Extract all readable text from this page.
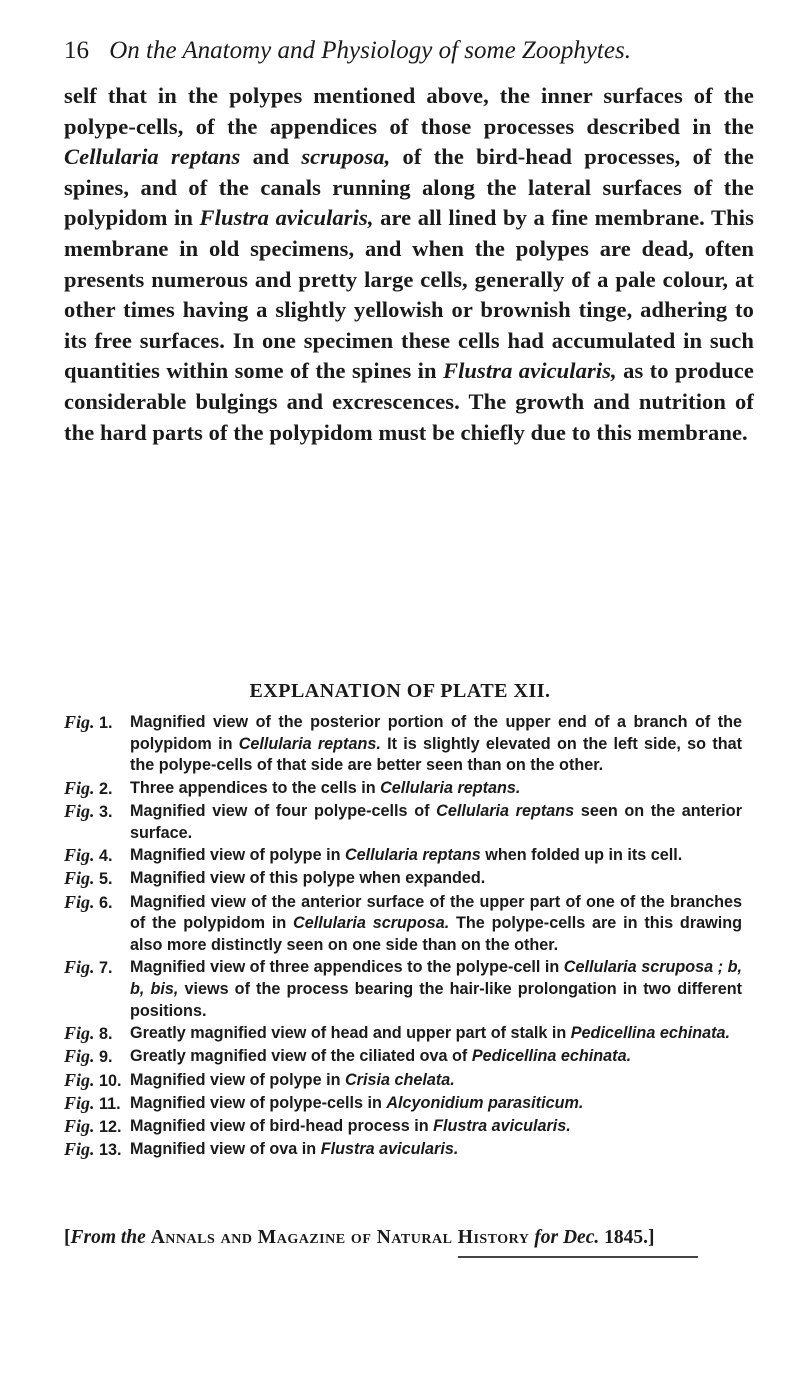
16 On the Anatomy and Physiology of some Zoophytes.
self that in the polypes mentioned above, the inner surfaces of the polype-cells, of the appendices of those processes described in the Cellularia reptans and scruposa, of the bird-head processes, of the spines, and of the canals running along the lateral surfaces of the polypidom in Flustra avicularis, are all lined by a fine membrane. This membrane in old specimens, and when the polypes are dead, often presents numerous and pretty large cells, generally of a pale colour, at other times having a slightly yellowish or brownish tinge, adhering to its free surfaces. In one specimen these cells had accumulated in such quantities within some of the spines in Flustra avicularis, as to produce considerable bulgings and excrescences. The growth and nutrition of the hard parts of the polypidom must be chiefly due to this membrane.
EXPLANATION OF PLATE XII.
Fig. 1.	Magnified view of the posterior portion of the upper end of a branch of the polypidom in Cellularia reptans. It is slightly elevated on the left side, so that the polype-cells of that side are better seen than on the other.
Fig. 2.	Three appendices to the cells in Cellularia reptans.
Fig. 3.	Magnified view of four polype-cells of Cellularia reptans seen on the anterior surface.
Fig. 4.	Magnified view of polype in Cellularia reptans when folded up in its cell.
Fig. 5.	Magnified view of this polype when expanded.
Fig. 6.	Magnified view of the anterior surface of the upper part of one of the branches of the polypidom in Cellularia scruposa. The polype-cells are in this drawing also more distinctly seen on one side than on the other.
Fig. 7.	Magnified view of three appendices to the polype-cell in Cellularia scruposa ; b, b, bis, views of the process bearing the hair-like prolongation in two different positions.
Fig. 8.	Greatly magnified view of head and upper part of stalk in Pedicellina echinata.
Fig. 9.	Greatly magnified view of the ciliated ova of Pedicellina echinata.
Fig. 10. Magnified view of polype in Crisia chelata.
Fig. 11. Magnified view of polype-cells in Alcyonidium parasiticum.
Fig. 12. Magnified view of bird-head process in Flustra avicularis.
Fig. 13. Magnified view of ova in Flustra avicularis.
[From the Annals and Magazine of Natural History for Dec. 1845.]
